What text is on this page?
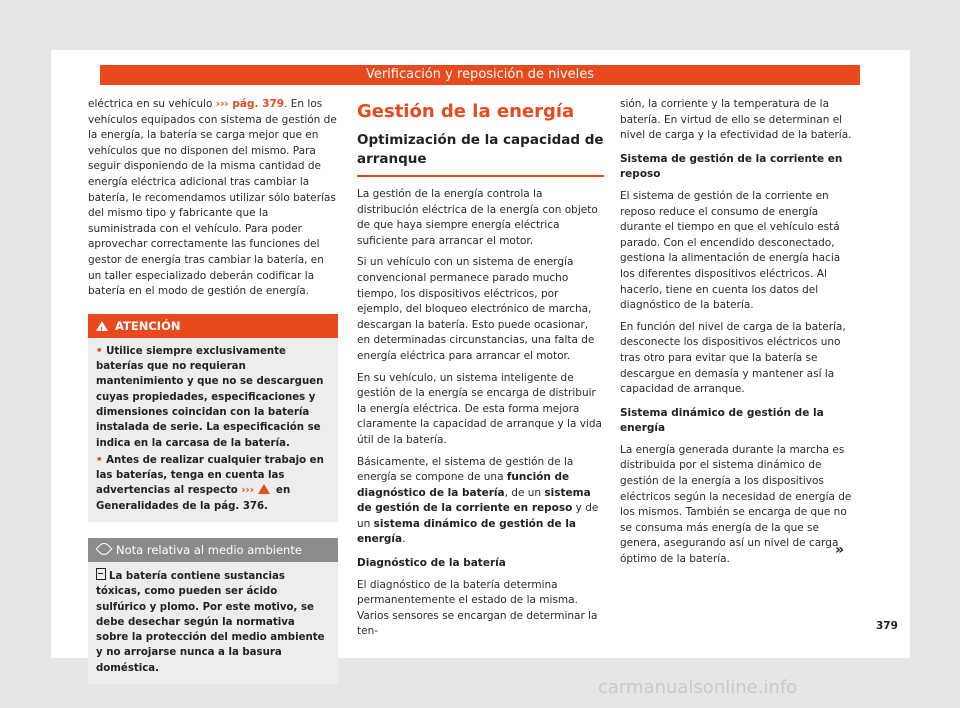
Verificación y reposición de niveles

eléctrica en su vehículo ››› pág. 379. En los vehículos equipados con sistema de gestión de la energía, la batería se carga mejor que en vehículos que no disponen del mismo. Para seguir disponiendo de la misma cantidad de energía eléctrica adicional tras cambiar la batería, le recomendamos utilizar sólo baterías del mismo tipo y fabricante que la suministrada con el vehículo. Para poder aprovechar correctamente las funciones del gestor de energía tras cambiar la batería, en un taller especializado deberán codificar la batería en el modo de gestión de energía.

! ATENCIÓN
• Utilice siempre exclusivamente baterías que no requieran mantenimiento y que no se descarguen cuyas propiedades, especificaciones y dimensiones coincidan con la batería instalada de serie. La especificación se indica en la carcasa de la batería.
• Antes de realizar cualquier trabajo en las baterías, tenga en cuenta las advertencias al respecto ›››  en Generalidades de la pág. 376.
Nota relativa al medio ambiente
La batería contiene sustancias tóxicas, como pueden ser ácido sulfúrico y plomo. Por este motivo, se debe desechar según la normativa sobre la protección del medio ambiente y no arrojarse nunca a la basura doméstica.
Gestión de la energía
Optimización de la capacidad de arranque

La gestión de la energía controla la distribución eléctrica de la energía con objeto de que haya siempre energía eléctrica suficiente para arrancar el motor.

Si un vehículo con un sistema de energía convencional permanece parado mucho tiempo, los dispositivos eléctricos, por ejemplo, del bloqueo electrónico de marcha, descargan la batería. Esto puede ocasionar, en determinadas circunstancias, una falta de energía eléctrica para arrancar el motor.

En su vehículo, un sistema inteligente de gestión de la energía se encarga de distribuir la energía eléctrica. De esta forma mejora claramente la capacidad de arranque y la vida útil de la batería.

Básicamente, el sistema de gestión de la energía se compone de una función de diagnóstico de la batería, de un sistema de gestión de la corriente en reposo y de un sistema dinámico de gestión de la energía.

Diagnóstico de la batería

El diagnóstico de la batería determina permanentemente el estado de la misma. Varios sensores se encargan de determinar la ten-

sión, la corriente y la temperatura de la batería. En virtud de ello se determinan el nivel de carga y la efectividad de la batería.

Sistema de gestión de la corriente en reposo

El sistema de gestión de la corriente en reposo reduce el consumo de energía durante el tiempo en que el vehículo está parado. Con el encendido desconectado, gestiona la alimentación de energía hacia los diferentes dispositivos eléctricos. Al hacerlo, tiene en cuenta los datos del diagnóstico de la batería.

En función del nivel de carga de la batería, desconecte los dispositivos eléctricos uno tras otro para evitar que la batería se descargue en demasía y mantener así la capacidad de arranque.

Sistema dinámico de gestión de la energía

La energía generada durante la marcha es distribuida por el sistema dinámico de gestión de la energía a los dispositivos eléctricos según la necesidad de energía de los mismos. También se encarga de que no se consuma más energía de la que se genera, asegurando así un nivel de carga óptimo de la batería.

»
379
carmanualsonline.info
